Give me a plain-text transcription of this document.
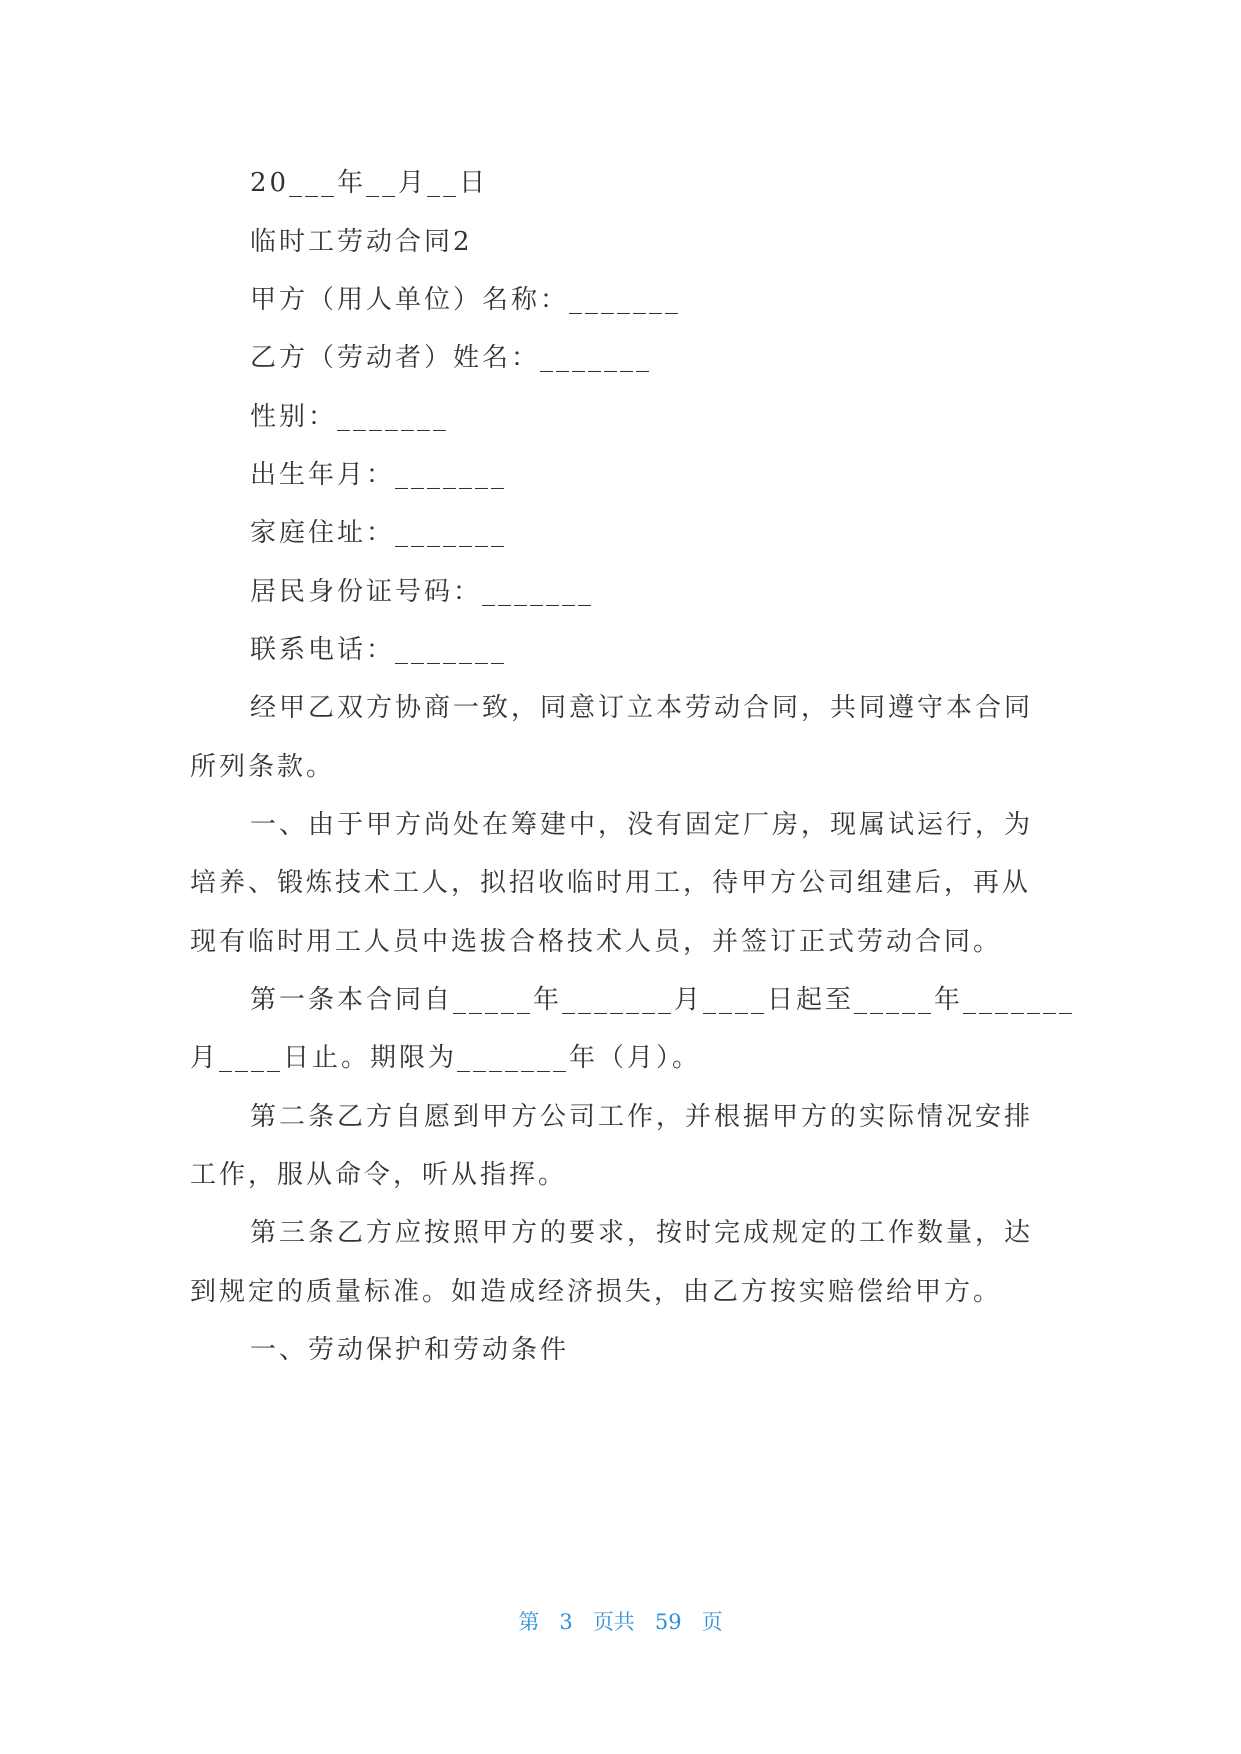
20___年__月__日
临时工劳动合同2
甲方（用人单位）名称：_______
乙方（劳动者）姓名：_______
性别：_______
出生年月：_______
家庭住址：_______
居民身份证号码：_______
联系电话：_______
经甲乙双方协商一致，同意订立本劳动合同，共同遵守本合同
所列条款。
一、由于甲方尚处在筹建中，没有固定厂房，现属试运行，为
培养、锻炼技术工人，拟招收临时用工，待甲方公司组建后，再从
现有临时用工人员中选拔合格技术人员，并签订正式劳动合同。
第一条本合同自_____年_______月____日起至_____年_______
月____日止。期限为_______年（月）。
第二条乙方自愿到甲方公司工作，并根据甲方的实际情况安排
工作，服从命令，听从指挥。
第三条乙方应按照甲方的要求，按时完成规定的工作数量，达
到规定的质量标准。如造成经济损失，由乙方按实赔偿给甲方。
一、劳动保护和劳动条件
第 3 页共 59 页
